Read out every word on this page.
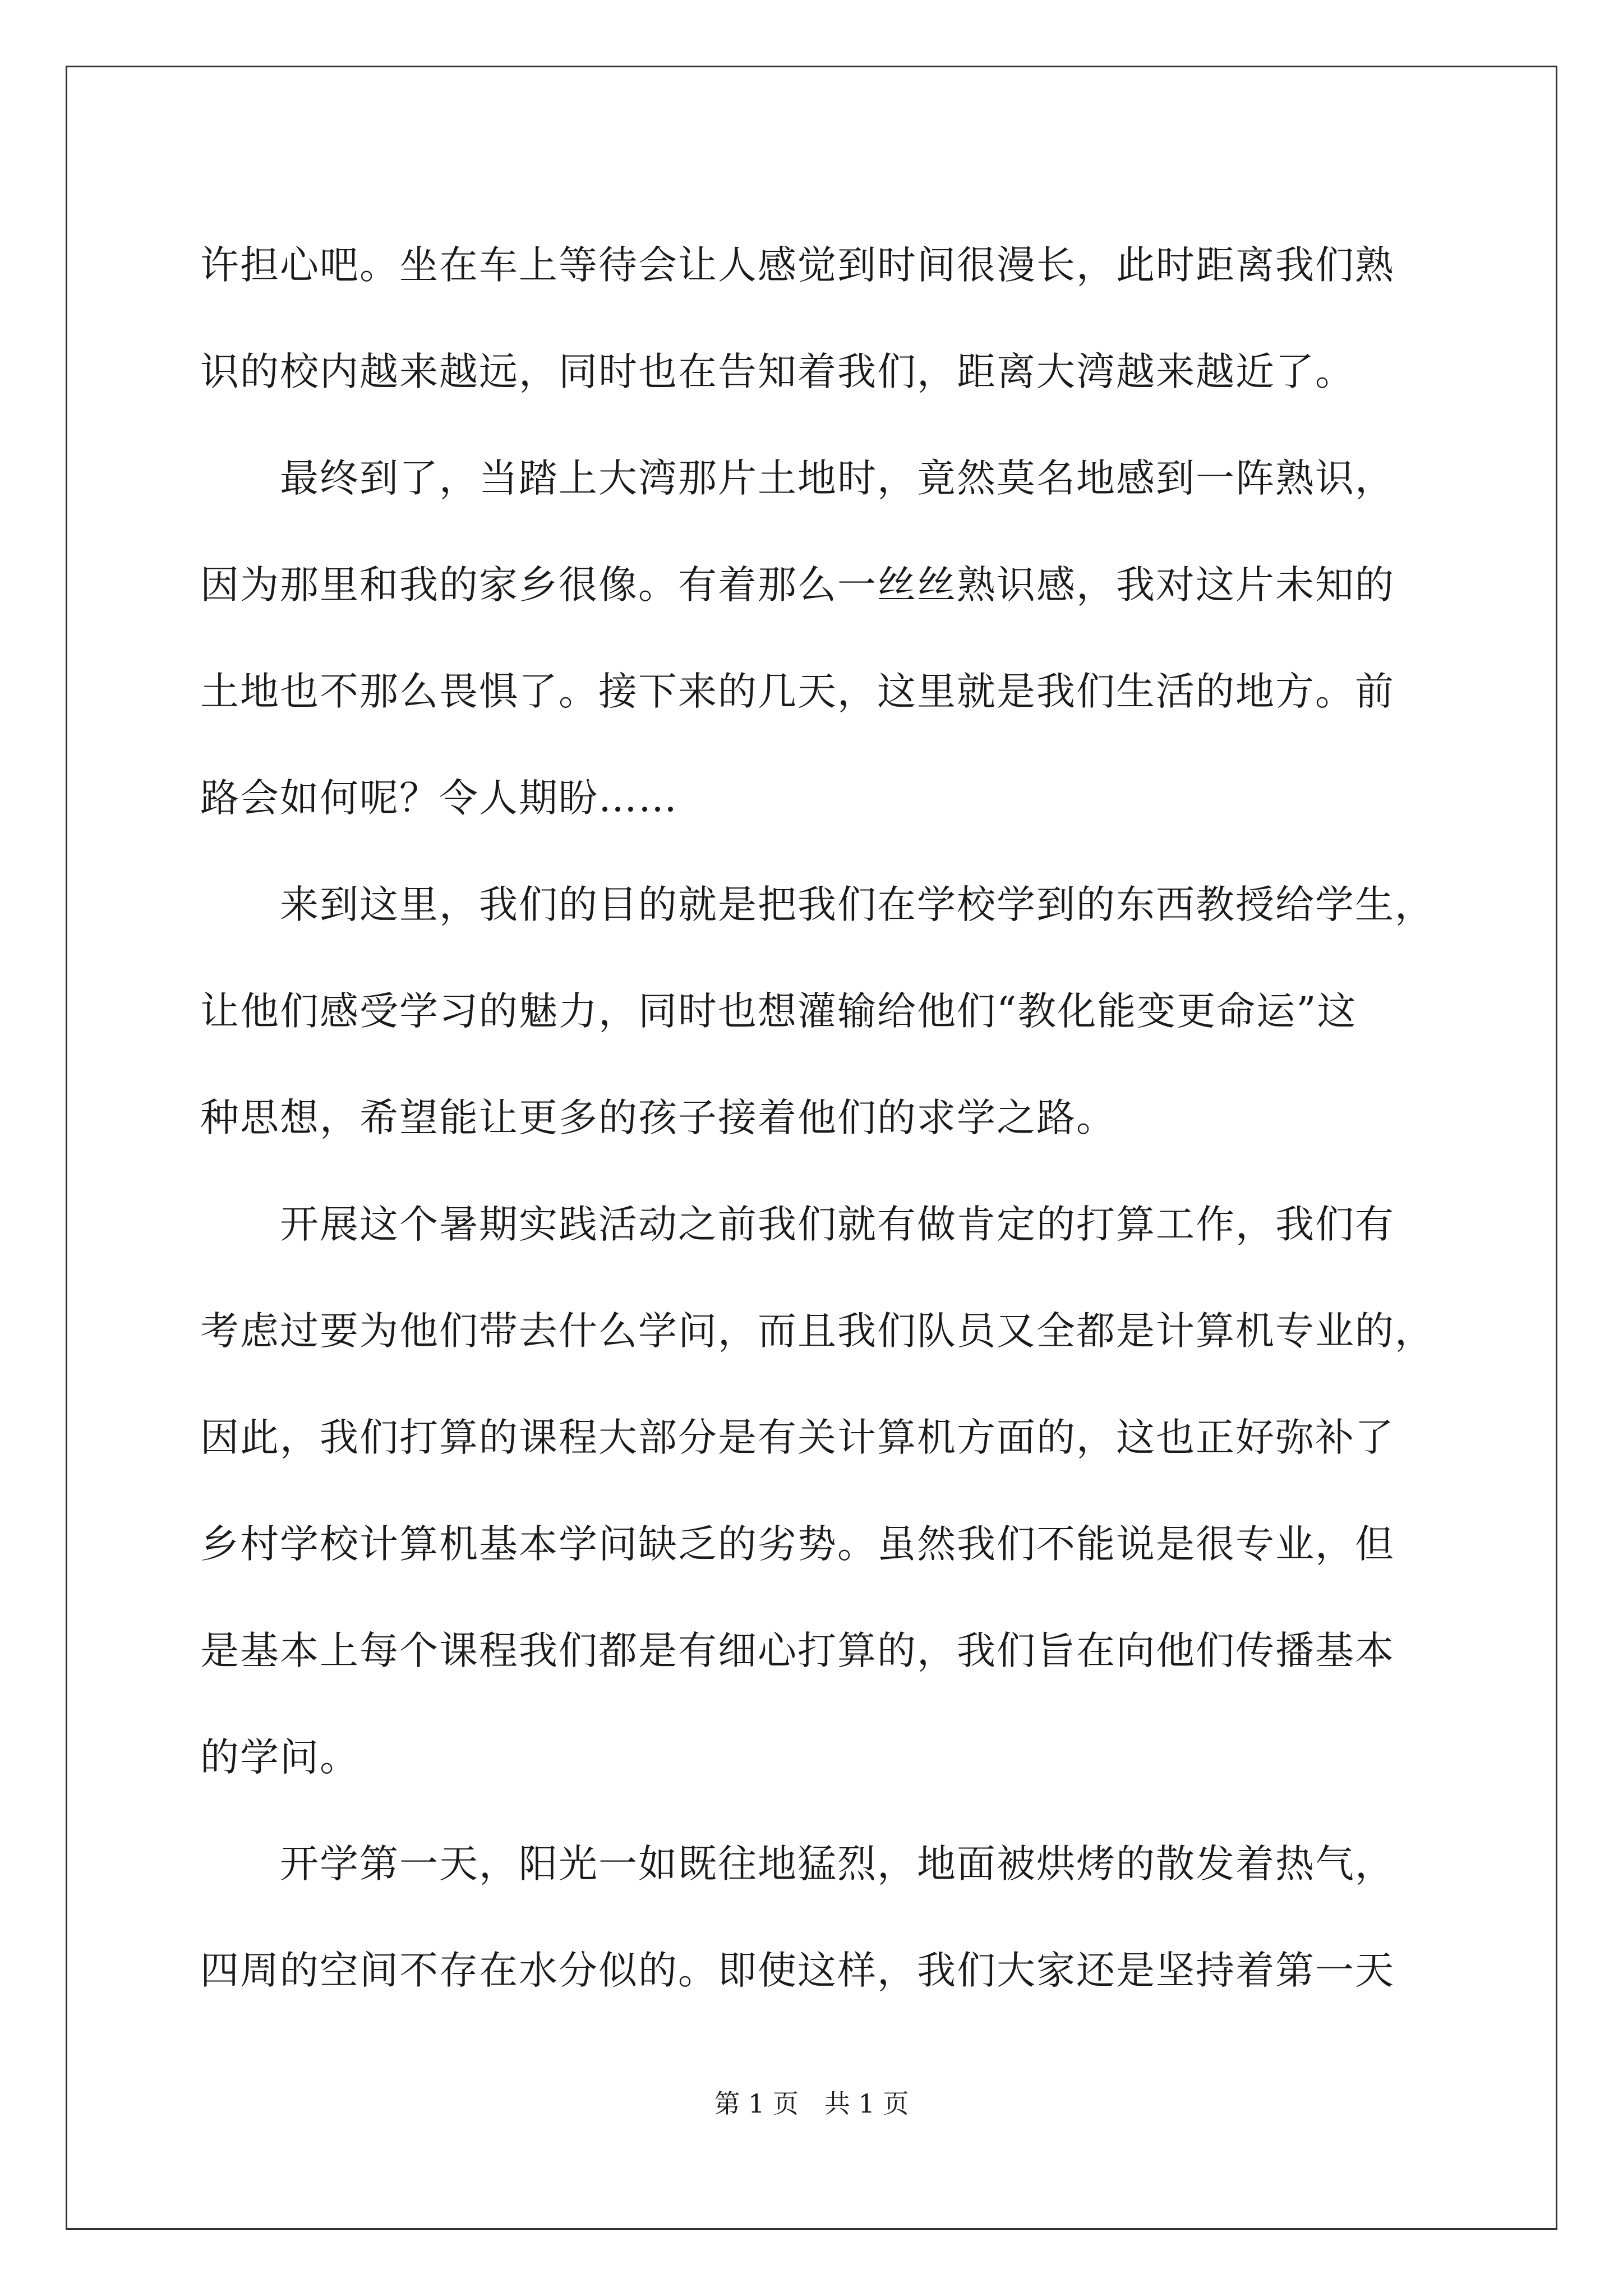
许担心吧。坐在车上等待会让人感觉到时间很漫长，此时距离我们熟
识的校内越来越远，同时也在告知着我们，距离大湾越来越近了。
　　最终到了，当踏上大湾那片土地时，竟然莫名地感到一阵熟识，
因为那里和我的家乡很像。有着那么一丝丝熟识感，我对这片未知的
土地也不那么畏惧了。接下来的几天，这里就是我们生活的地方。前
路会如何呢？令人期盼……
　　来到这里，我们的目的就是把我们在学校学到的东西教授给学生，
让他们感受学习的魅力，同时也想灌输给他们“教化能变更命运”这
种思想，希望能让更多的孩子接着他们的求学之路。
　　开展这个暑期实践活动之前我们就有做肯定的打算工作，我们有
考虑过要为他们带去什么学问，而且我们队员又全都是计算机专业的，
因此，我们打算的课程大部分是有关计算机方面的，这也正好弥补了
乡村学校计算机基本学问缺乏的劣势。虽然我们不能说是很专业，但
是基本上每个课程我们都是有细心打算的，我们旨在向他们传播基本
的学问。
　　开学第一天，阳光一如既往地猛烈，地面被烘烤的散发着热气，
四周的空间不存在水分似的。即使这样，我们大家还是坚持着第一天
第 1 页　共 1 页
